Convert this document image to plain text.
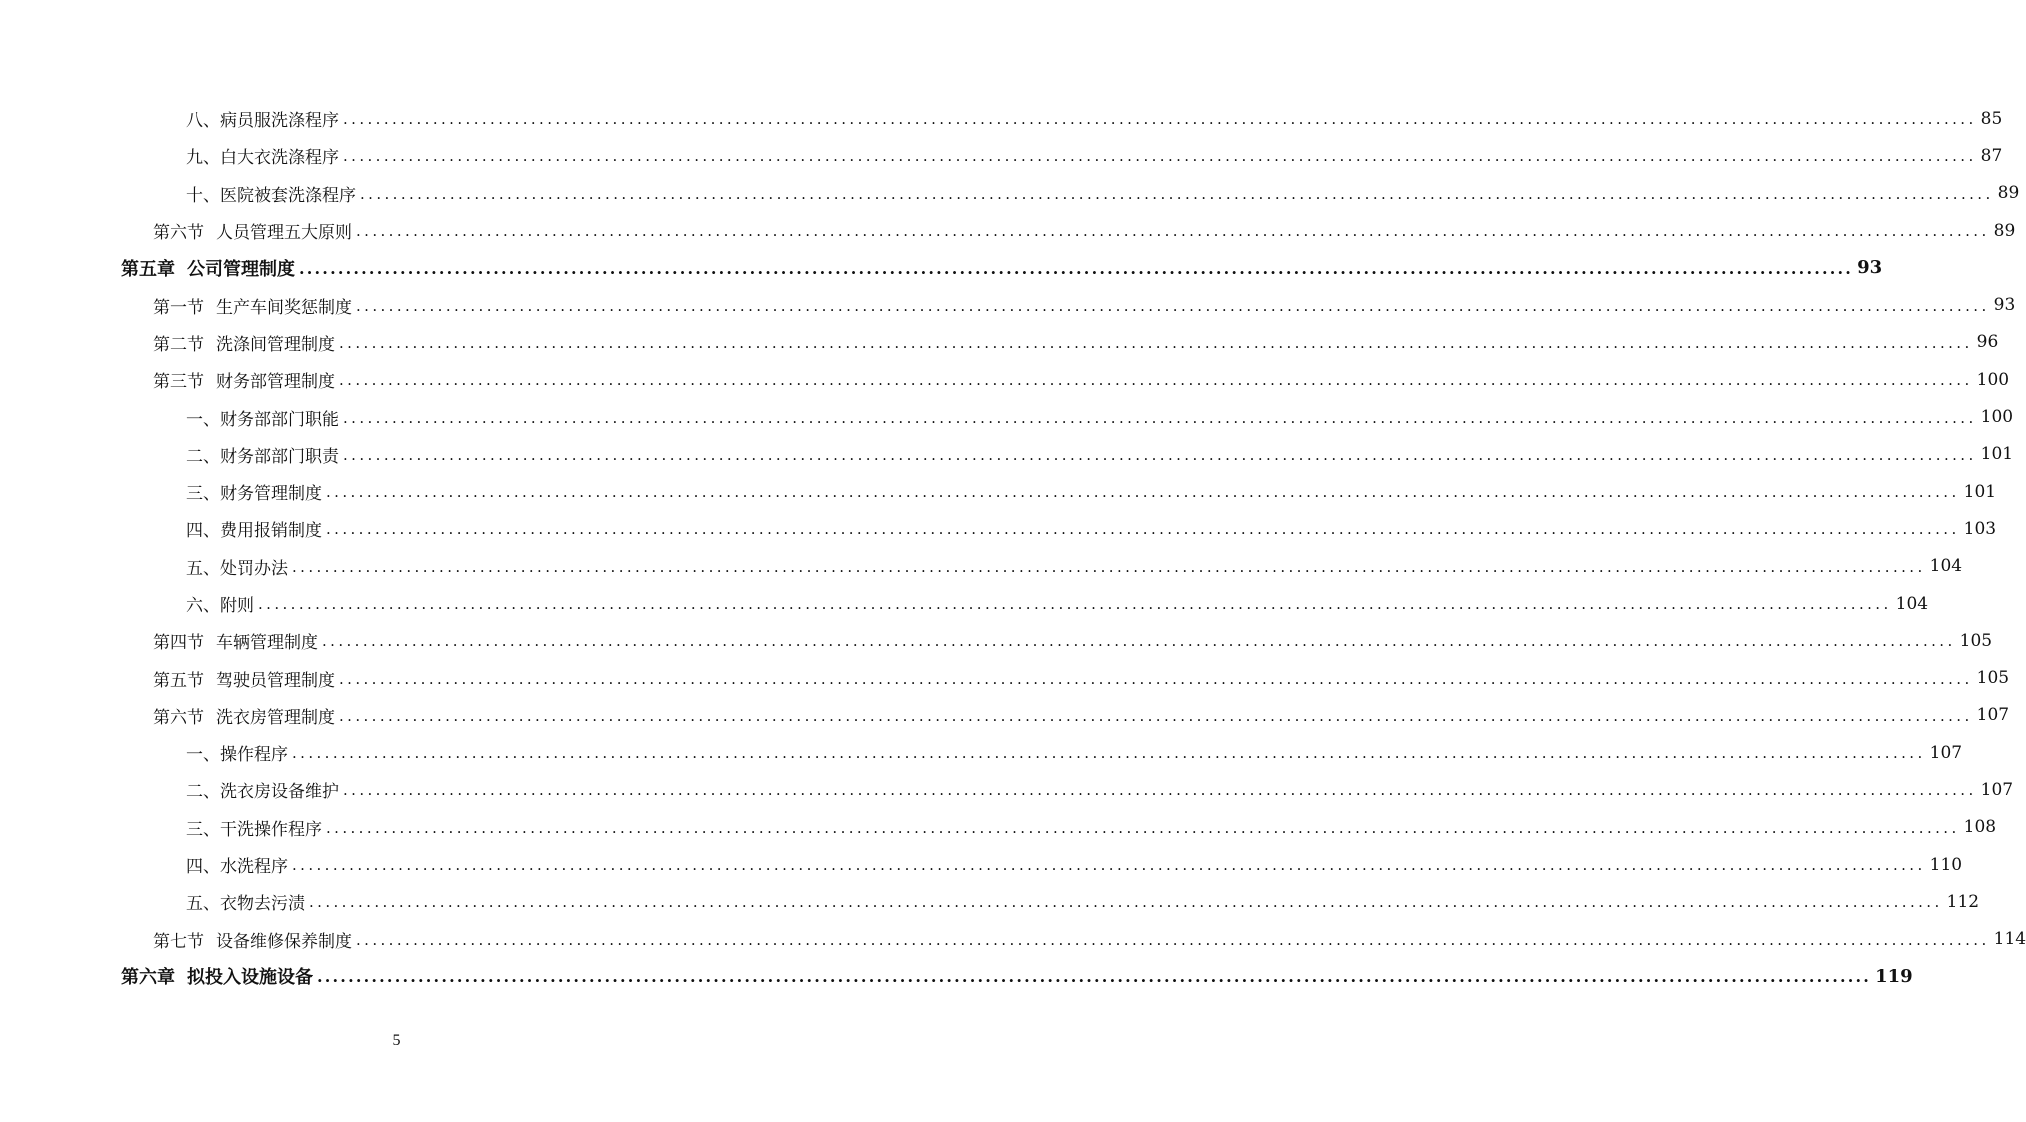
八、病员服洗涤程序 ........................................................................................................................................................................................................ 85
九、白大衣洗涤程序 ........................................................................................................................................................................................................ 87
十、医院被套洗涤程序 ........................................................................................................................................................................................................ 89
第六节 人员管理五大原则 ........................................................................................................................................................................................................ 89
第五章 公司管理制度 ........................................................................................................................................................................................................ 93
第一节 生产车间奖惩制度 ........................................................................................................................................................................................................ 93
第二节 洗涤间管理制度 ........................................................................................................................................................................................................ 96
第三节 财务部管理制度 ........................................................................................................................................................................................................ 100
一、财务部部门职能 ........................................................................................................................................................................................................ 100
二、财务部部门职责 ........................................................................................................................................................................................................ 101
三、财务管理制度 ........................................................................................................................................................................................................ 101
四、费用报销制度 ........................................................................................................................................................................................................ 103
五、处罚办法 ........................................................................................................................................................................................................ 104
六、附则 ........................................................................................................................................................................................................ 104
第四节 车辆管理制度 ........................................................................................................................................................................................................ 105
第五节 驾驶员管理制度 ........................................................................................................................................................................................................ 105
第六节 洗衣房管理制度 ........................................................................................................................................................................................................ 107
一、操作程序 ........................................................................................................................................................................................................ 107
二、洗衣房设备维护 ........................................................................................................................................................................................................ 107
三、干洗操作程序 ........................................................................................................................................................................................................ 108
四、水洗程序 ........................................................................................................................................................................................................ 110
五、衣物去污渍 ........................................................................................................................................................................................................ 112
第七节 设备维修保养制度 ........................................................................................................................................................................................................ 114
第六章 拟投入设施设备 ........................................................................................................................................................................................................ 119
5
